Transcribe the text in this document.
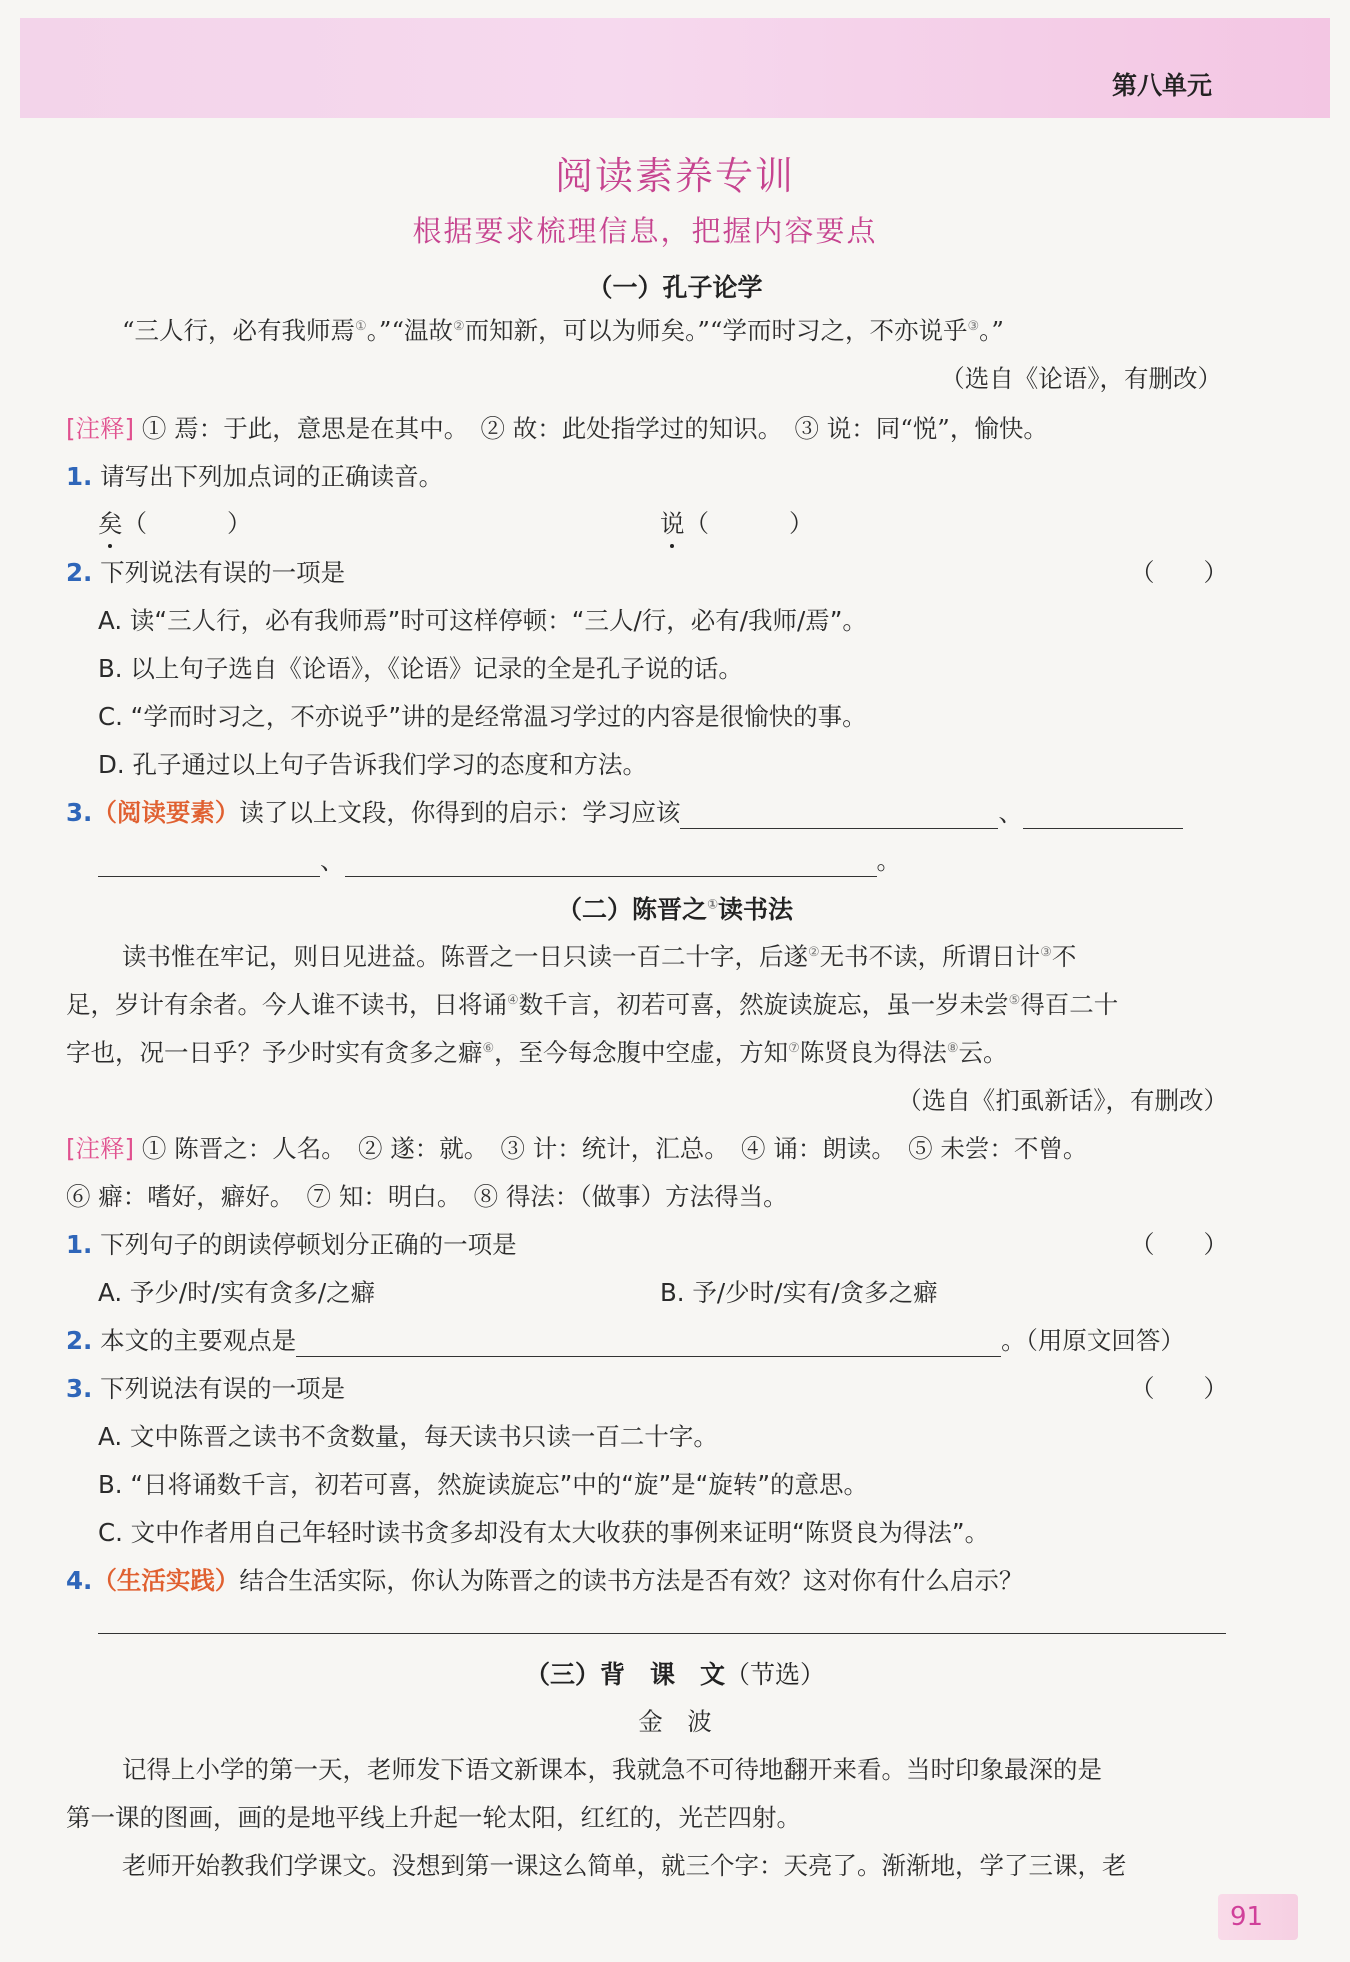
第八单元
阅读素养专训
根据要求梳理信息，把握内容要点
（一）孔子论学
“三人行，必有我师焉①。”“温故②而知新，可以为师矣。”“学而时习之，不亦说乎③。”
（选自《论语》，有删改）
[注释] ① 焉：于此，意思是在其中。　② 故：此处指学过的知识。　③ 说：同“悦”，愉快。
1. 请写出下列加点词的正确读音。
矣（	）	说（	）
2. 下列说法有误的一项是	（　　）
A. 读“三人行，必有我师焉”时可这样停顿：“三人/行，必有/我师/焉”。
B. 以上句子选自《论语》，《论语》记录的全是孔子说的话。
C. “学而时习之，不亦说乎”讲的是经常温习学过的内容是很愉快的事。
D. 孔子通过以上句子告诉我们学习的态度和方法。
3.（阅读要素）读了以上文段，你得到的启示：学习应该	、
、	。
（二）陈晋之①读书法
读书惟在牢记，则日见进益。陈晋之一日只读一百二十字，后遂②无书不读，所谓日计③不
足，岁计有余者。今人谁不读书，日将诵④数千言，初若可喜，然旋读旋忘，虽一岁未尝⑤得百二十
字也，况一日乎？予少时实有贪多之癖⑥，至今每念腹中空虚，方知⑦陈贤良为得法⑧云。
（选自《扪虱新话》，有删改）
[注释] ① 陈晋之：人名。　② 遂：就。　③ 计：统计，汇总。　④ 诵：朗读。　⑤ 未尝：不曾。
⑥ 癖：嗜好，癖好。　⑦ 知：明白。　⑧ 得法：（做事）方法得当。
1. 下列句子的朗读停顿划分正确的一项是	（　　）
A. 予少/时/实有贪多/之癖	B. 予/少时/实有/贪多之癖
2. 本文的主要观点是	。（用原文回答）
3. 下列说法有误的一项是	（　　）
A. 文中陈晋之读书不贪数量，每天读书只读一百二十字。
B. “日将诵数千言，初若可喜，然旋读旋忘”中的“旋”是“旋转”的意思。
C. 文中作者用自己年轻时读书贪多却没有太大收获的事例来证明“陈贤良为得法”。
4.（生活实践）结合生活实际，你认为陈晋之的读书方法是否有效？这对你有什么启示？
（三）背　课　文（节选）
金　波
记得上小学的第一天，老师发下语文新课本，我就急不可待地翻开来看。当时印象最深的是
第一课的图画，画的是地平线上升起一轮太阳，红红的，光芒四射。
老师开始教我们学课文。没想到第一课这么简单，就三个字：天亮了。渐渐地，学了三课，老
91
